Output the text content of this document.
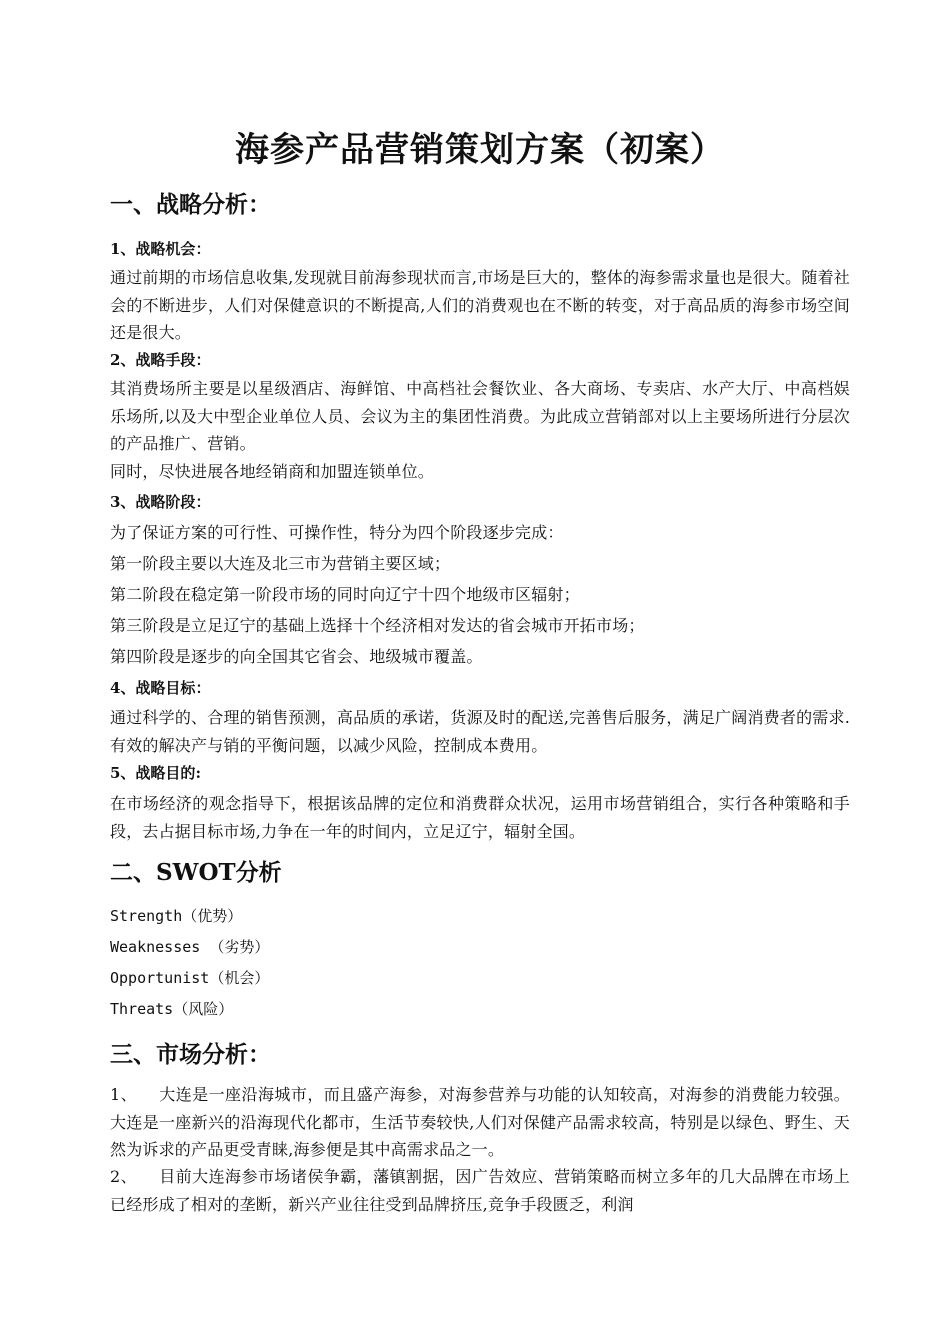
海参产品营销策划方案（初案）
一、战略分析：
1、战略机会：
通过前期的市场信息收集,发现就目前海参现状而言,市场是巨大的，整体的海参需求量也是很大。随着社会的不断进步，人们对保健意识的不断提高,人们的消费观也在不断的转变，对于高品质的海参市场空间还是很大。
2、战略手段：
其消费场所主要是以星级酒店、海鲜馆、中高档社会餐饮业、各大商场、专卖店、水产大厅、中高档娱乐场所,以及大中型企业单位人员、会议为主的集团性消费。为此成立营销部对以上主要场所进行分层次的产品推广、营销。
同时，尽快进展各地经销商和加盟连锁单位。
3、战略阶段：
为了保证方案的可行性、可操作性，特分为四个阶段逐步完成：
第一阶段主要以大连及北三市为营销主要区域；
第二阶段在稳定第一阶段市场的同时向辽宁十四个地级市区辐射；
第三阶段是立足辽宁的基础上选择十个经济相对发达的省会城市开拓市场；
第四阶段是逐步的向全国其它省会、地级城市覆盖。
4、战略目标：
通过科学的、合理的销售预测，高品质的承诺，货源及时的配送,完善售后服务，满足广阔消费者的需求.有效的解决产与销的平衡问题，以减少风险，控制成本费用。
5、战略目的:
在市场经济的观念指导下，根据该品牌的定位和消费群众状况，运用市场营销组合，实行各种策略和手段，去占据目标市场,力争在一年的时间内，立足辽宁，辐射全国。
二、SWOT分析
Strength（优势）
Weaknesses （劣势）
Opportunist（机会）
Threats（风险）
三、市场分析：
1、    大连是一座沿海城市，而且盛产海参，对海参营养与功能的认知较高，对海参的消费能力较强。大连是一座新兴的沿海现代化都市，生活节奏较快,人们对保健产品需求较高，特别是以绿色、野生、天然为诉求的产品更受青睐,海参便是其中高需求品之一。
2、    目前大连海参市场诸侯争霸，藩镇割据，因广告效应、营销策略而树立多年的几大品牌在市场上已经形成了相对的垄断，新兴产业往往受到品牌挤压,竞争手段匮乏，利润
